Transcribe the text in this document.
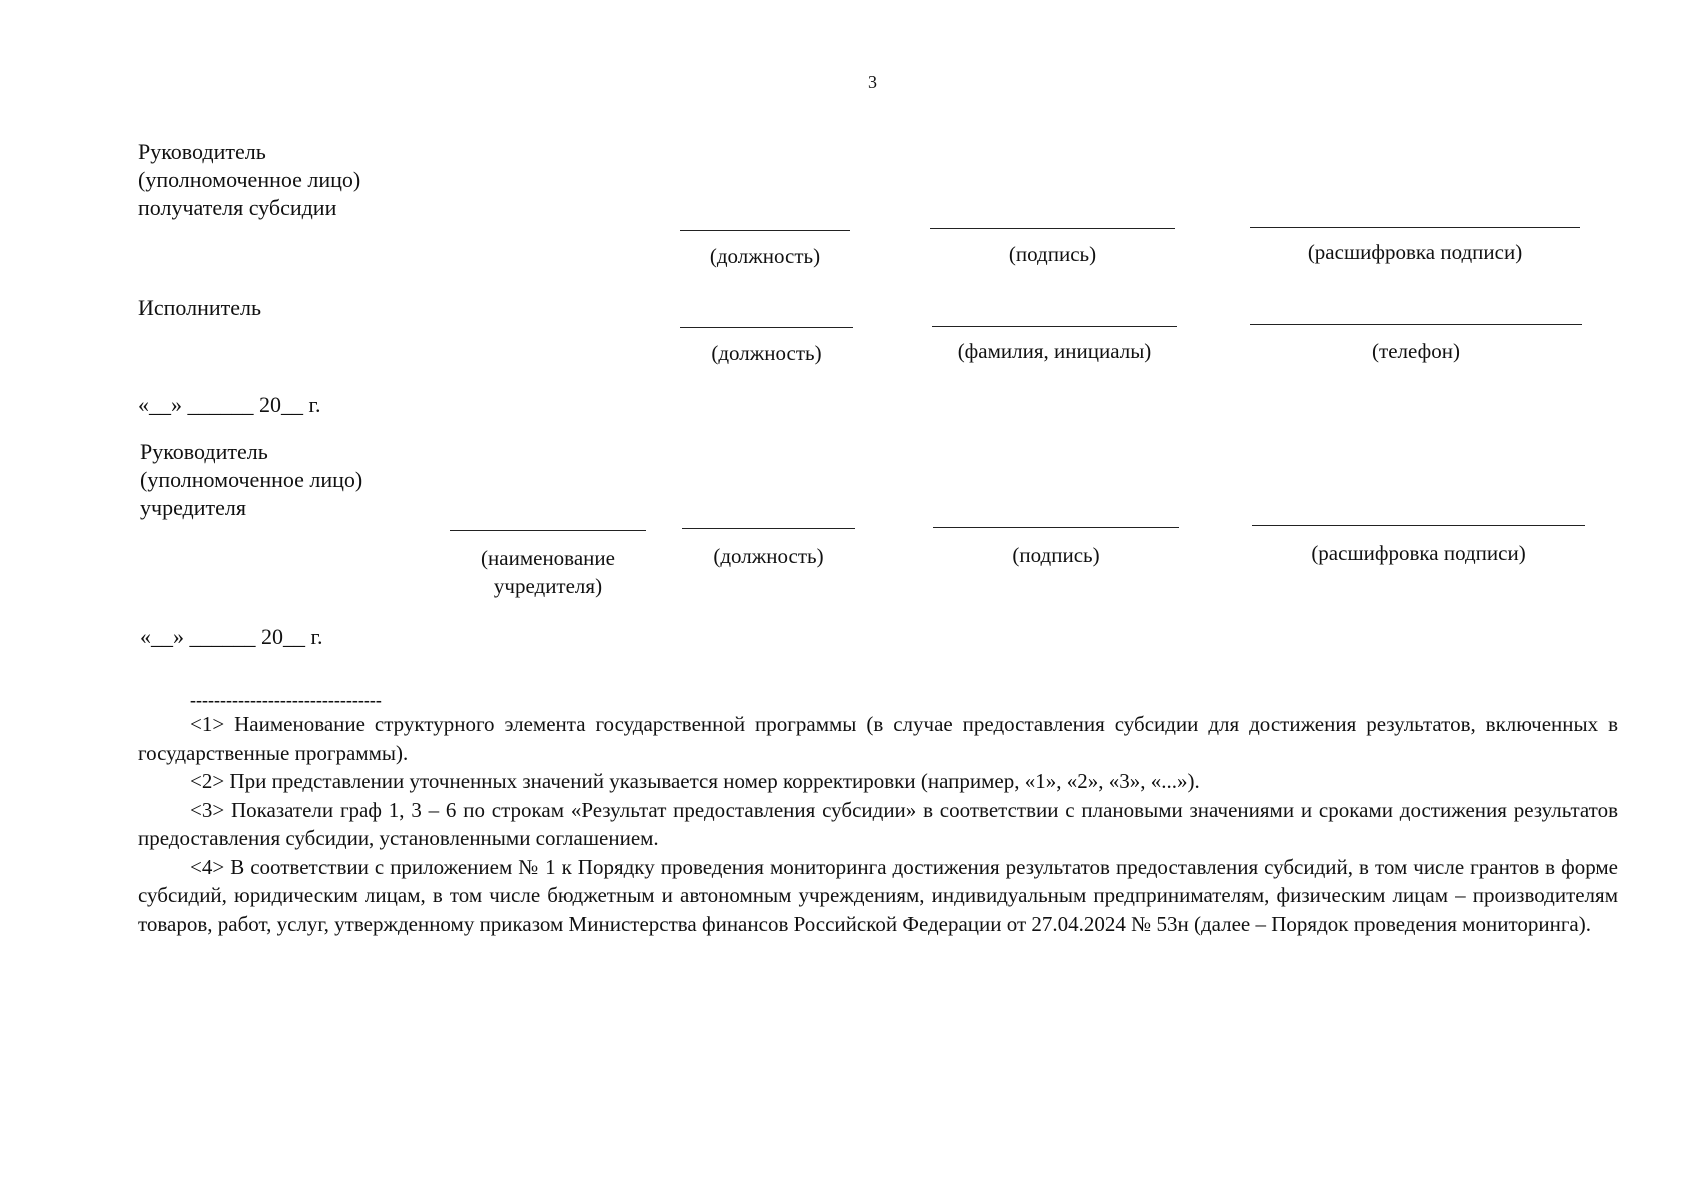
3
Руководитель
(уполномоченное лицо)
получателя субсидии
(должность)	(подпись)	(расшифровка подписи)
Исполнитель
(должность)	(фамилия, инициалы)	(телефон)
«__» ______ 20__ г.
Руководитель
(уполномоченное лицо)
учредителя
(наименование
учредителя)
(должность)	(подпись)	(расшифровка подписи)
«__» ______ 20__ г.
--------------------------------

<1> Наименование структурного элемента государственной программы (в случае предоставления субсидии для достижения результатов, включенных в государственные программы).

<2> При представлении уточненных значений указывается номер корректировки (например, «1», «2», «3», «...»).

<3> Показатели граф 1, 3 – 6 по строкам «Результат предоставления субсидии» в соответствии с плановыми значениями и сроками достижения результатов предоставления субсидии, установленными соглашением.

<4> В соответствии с приложением № 1 к Порядку проведения мониторинга достижения результатов предоставления субсидий, в том числе грантов в форме субсидий, юридическим лицам, в том числе бюджетным и автономным учреждениям, индивидуальным предпринимателям, физическим лицам – производителям товаров, работ, услуг, утвержденному приказом Министерства финансов Российской Федерации от 27.04.2024 № 53н (далее – Порядок проведения мониторинга).
